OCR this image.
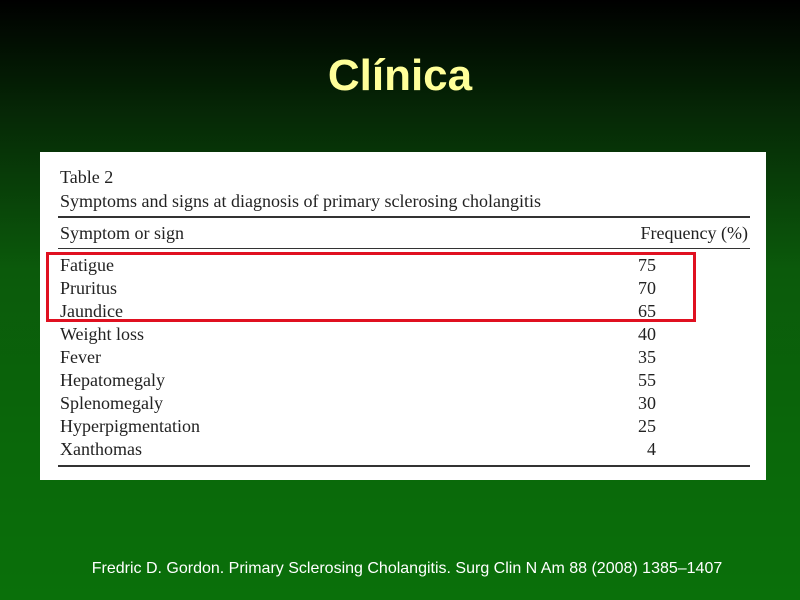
Clínica
Table 2
Symptoms and signs at diagnosis of primary sclerosing cholangitis
Symptom or sign	Frequency (%)
Fatigue	75
Pruritus	70
Jaundice	65
Weight loss	40
Fever	35
Hepatomegaly	55
Splenomegaly	30
Hyperpigmentation	25
Xanthomas	4
Fredric D. Gordon. Primary Sclerosing Cholangitis. Surg Clin N Am 88 (2008) 1385–1407
